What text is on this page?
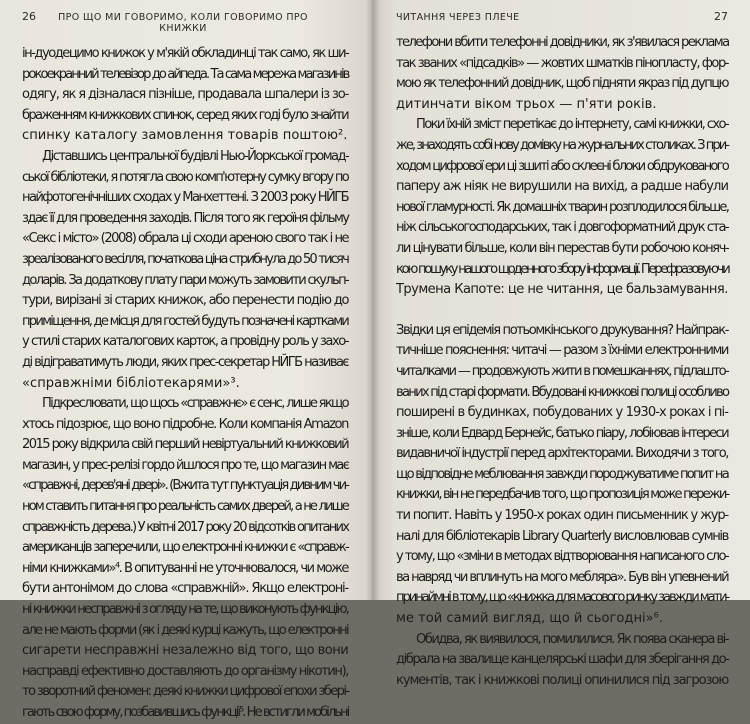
26	ПРО ЩО МИ ГОВОРИМО, КОЛИ ГОВОРИМО ПРО КНИЖКИ
ін-дуодецимо книжок у м'якій обкладинці так само, як ши-
рокоекранний телевізор до айпеда. Та сама мережа магазинів
одягу, як я дізналася пізніше, продавала шпалери із зо-
браженням книжкових спинок, серед яких годі було знайти
спинку каталогу замовлення товарів поштою².
Діставшись центральної будівлі Нью-Йоркської громад-
ської бібліотеки, я потягла свою комп'ютерну сумку вгору по
найфотогенічніших сходах у Манхеттені. З 2003 року НЙГБ
здає її для проведення заходів. Після того як героїня фільму
«Секс і місто» (2008) обрала ці сходи ареною свого так і не
зреалізованого весілля, початкова ціна стрибнула до 50 тисяч
доларів. За додаткову плату пари можуть замовити скульп-
тури, вирізані зі старих книжок, або перенести подію до
приміщення, де місця для гостей будуть позначені картками
у стилі старих каталогових карток, а провідну роль у захо-
ді відіграватимуть люди, яких прес-секретар НЙГБ називає
«справжніми бібліотекарями»³.
Підкреслювати, що щось «справжнє» є сенс, лише якщо
хтось підозрює, що воно підробне. Коли компанія Amazon
2015 року відкрила свій перший невіртуальний книжковий
магазин, у прес-релізі гордо йшлося про те, що магазин має
«справжні, дерев'яні двері». (Вжита тут пунктуація дивним чи-
ном ставить питання про реальність самих дверей, а не лише
справжність дерева.) У квітні 2017 року 20 відсотків опитаних
американців заперечили, що електронні книжки є «справж-
німи книжками»⁴. В опитуванні не уточнювалося, чи може
бути антонімом до слова «справжній». Якщо електроні-
ні книжки несправжні з огляду на те, що виконують функцію,
але не мають форми (як і деякі курці кажуть, що електронні
сигарети несправжні незалежно від того, що вони
насправді ефективно доставляють до організму нікотин),
то зворотний феномен: деякі книжки цифрової епохи збері-
гають свою форму, позбавившись функції⁵. Не встигли мобільні
ЧИТАННЯ ЧЕРЕЗ ПЛЕЧЕ	27
телефони вбити телефонні довідники, як з'явилася реклама
так званих «підсадків» — жовтих шматків пінопласту, фор-
мою як телефонний довідник, щоб підняти якраз під дупцю
дитинчати віком трьох — п'яти років.
Поки їхній зміст перетікає до інтернету, самі книжки, схо-
же, знаходять собі нову домівку на журнальних столиках. З при-
ходом цифрової ери ці зшиті або склеєні блоки обдрукованого
паперу аж ніяк не вирушили на вихід, а радше набули
нової гламурності. Як домашніх тварин розплодилося більше,
ніж сільськогосподарських, так і довгоформатний друк ста-
ли цінувати більше, коли він перестав бути робочою коняч-
кою пошуку нашого щоденного збору інформації. Перефразовуючи
Трумена Капоте: це не читання, це бальзамування.
Звідки ця епідемія потьомкінського друкування? Найпрак-
тичніше пояснення: читачі — разом з їхніми електронними
читалками — продовжують жити в помешканнях, підлашто-
ваних під старі формати. Вбудовані книжкові полиці особливо
поширені в будинках, побудованих у 1930-х роках і пі-
зніше, коли Едвард Бернейс, батько піару, лобіював інтереси
видавничої індустрії перед архітекторами. Виходячи з того,
що відповідне меблювання завжди породжуватиме попит на
книжки, він не передбачив того, що пропозиція може пережи-
ти попит. Навіть у 1950-х роках один письменник у жур-
налі для бібліотекарів Library Quarterly висловлював сумнів
у тому, що «зміни в методах відтворювання написаного сло-
ва навряд чи вплинуть на мого мебляра». Був він упевнений
принаймні в тому, що «книжка для масового ринку завжди мати-
ме той самий вигляд, що й сьогодні»⁶.
Обидва, як виявилося, помилилися. Як поява сканера ві-
дібрала на звалище канцелярські шафи для зберігання до-
кументів, так і книжкові полиці опинилися під загрозою
